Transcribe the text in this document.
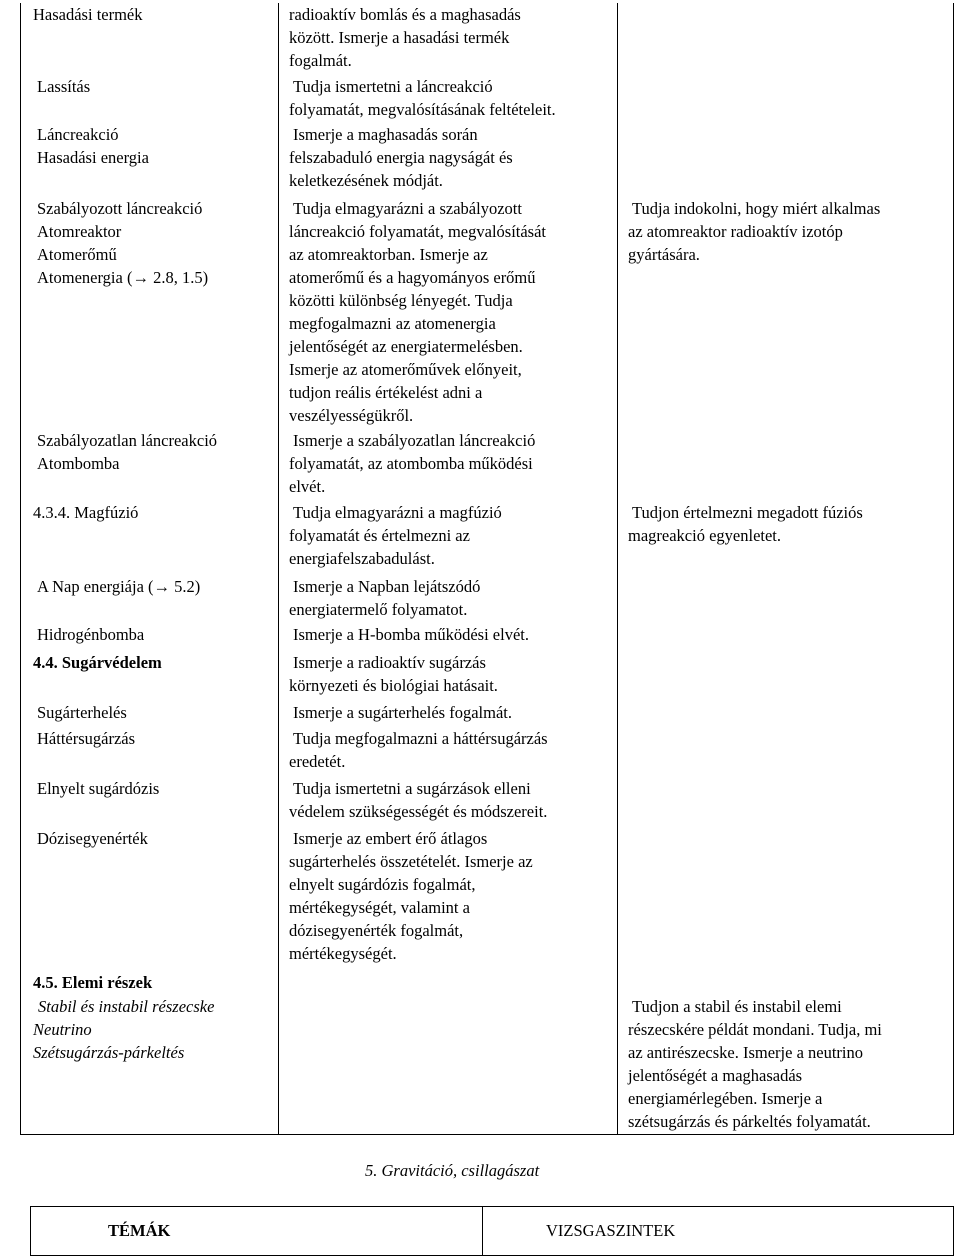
Hasadási termék
Lassítás
Láncreakció
Hasadási energia
Szabályozott láncreakció
Atomreaktor
Atomerőmű
Atomenergia (→ 2.8, 1.5)
Szabályozatlan láncreakció
Atombomba
4.3.4. Magfúzió
A Nap energiája (→ 5.2)
Hidrogénbomba
4.4. Sugárvédelem
Sugárterhelés
Háttérsugárzás
Elnyelt sugárdózis
Dózisegyenérték
4.5. Elemi részek
Stabil és instabil részecske
Neutrino
Szétsugárzás-párkeltés
radioaktív bomlás és a maghasadás
között. Ismerje a hasadási termék
fogalmát.
Tudja ismertetni a láncreakció
folyamatát, megvalósításának feltételeit.
Ismerje a maghasadás során
felszabaduló energia nagyságát és
keletkezésének módját.
Tudja elmagyarázni a szabályozott
láncreakció folyamatát, megvalósítását
az atomreaktorban. Ismerje az
atomerőmű és a hagyományos erőmű
közötti különbség lényegét. Tudja
megfogalmazni az atomenergia
jelentőségét az energiatermelésben.
Ismerje az atomerőművek előnyeit,
tudjon reális értékelést adni a
veszélyességükről.
Ismerje a szabályozatlan láncreakció
folyamatát, az atombomba működési
elvét.
Tudja elmagyarázni a magfúzió
folyamatát és értelmezni az
energiafelszabadulást.
Ismerje a Napban lejátszódó
energiatermelő folyamatot.
Ismerje a H-bomba működési elvét.
Ismerje a radioaktív sugárzás
környezeti és biológiai hatásait.
Ismerje a sugárterhelés fogalmát.
Tudja megfogalmazni a háttérsugárzás
eredetét.
Tudja ismertetni a sugárzások elleni
védelem szükségességét és módszereit.
Ismerje az embert érő átlagos
sugárterhelés összetételét. Ismerje az
elnyelt sugárdózis fogalmát,
mértékegységét, valamint a
dózisegyenérték fogalmát,
mértékegységét.
Tudja indokolni, hogy miért alkalmas
az atomreaktor radioaktív izotóp
gyártására.
Tudjon értelmezni megadott fúziós
magreakció egyenletet.
Tudjon a stabil és instabil elemi
részecskére példát mondani. Tudja, mi
az antirészecske. Ismerje a neutrino
jelentőségét a maghasadás
energiamérlegében. Ismerje a
szétsugárzás és párkeltés folyamatát.
5. Gravitáció, csillagászat
TÉMÁK	VIZSGASZINTEK
